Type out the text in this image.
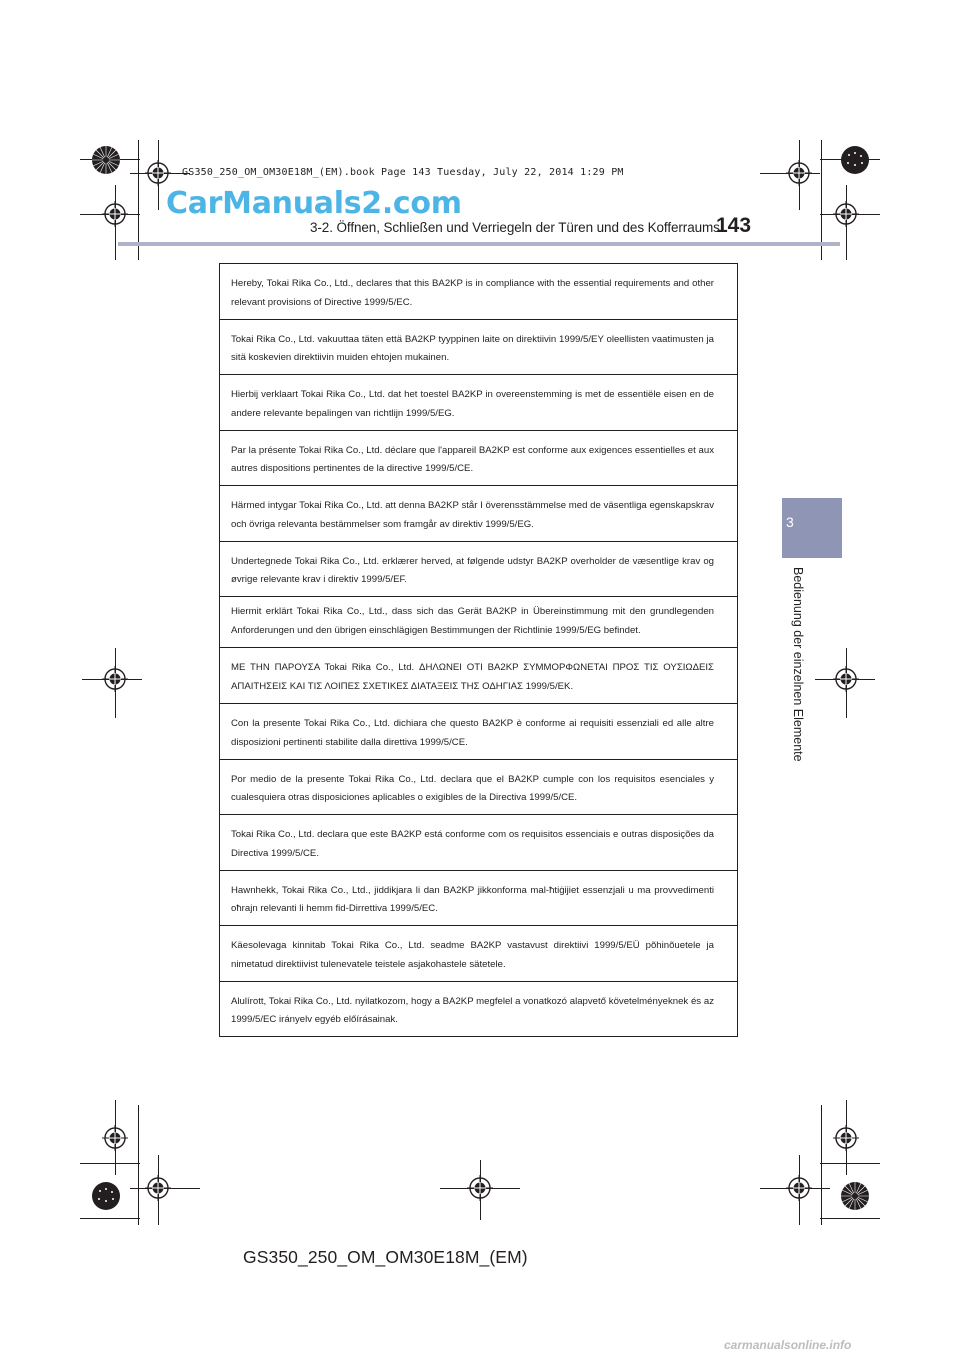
GS350_250_OM_OM30E18M_(EM).book Page 143 Tuesday, July 22, 2014 1:29 PM
CarManuals2.com
3-2. Öffnen, Schließen und Verriegeln der Türen und des Kofferraums
143
3
Bedienung der einzelnen Elemente
Hereby, Tokai Rika Co., Ltd., declares that this BA2KP is in compliance with the essential requirements and other relevant provisions of Directive 1999/5/EC.
Tokai Rika Co., Ltd. vakuuttaa täten että BA2KP tyyppinen laite on direktiivin 1999/5/EY oleellisten vaatimusten ja sitä koskevien direktiivin muiden ehtojen mukainen.
Hierbij verklaart Tokai Rika Co., Ltd. dat het toestel BA2KP in overeenstemming is met de essentiële eisen en de andere relevante bepalingen van richtlijn 1999/5/EG.
Par la présente Tokai Rika Co., Ltd. déclare que l'appareil BA2KP est conforme aux exigences essentielles et aux autres dispositions pertinentes de la directive 1999/5/CE.
Härmed intygar Tokai Rika Co., Ltd. att denna BA2KP står I överensstämmelse med de väsentliga egenskapskrav och övriga relevanta bestämmelser som framgår av direktiv 1999/5/EG.
Undertegnede Tokai Rika Co., Ltd. erklærer herved, at følgende udstyr BA2KP overholder de væsentlige krav og øvrige relevante krav i direktiv 1999/5/EF.
Hiermit erklärt Tokai Rika Co., Ltd., dass sich das Gerät BA2KP in Übereinstimmung mit den grundlegenden Anforderungen und den übrigen einschlägigen Bestimmungen der Richtlinie 1999/5/EG befindet.
ΜΕ ΤΗΝ ΠΑΡΟΥΣΑ Tokai Rika Co., Ltd. ΔΗΛΩΝΕΙ ΟΤΙ BA2KP ΣΥΜΜΟΡΦΩΝΕΤΑΙ ΠΡΟΣ ΤΙΣ ΟΥΣΙΩΔΕΙΣ ΑΠΑΙΤΗΣΕΙΣ ΚΑΙ ΤΙΣ ΛΟΙΠΕΣ ΣΧΕΤΙΚΕΣ ΔΙΑΤΑΞΕΙΣ ΤΗΣ ΟΔΗΓΙΑΣ 1999/5/ΕΚ.
Con la presente Tokai Rika Co., Ltd. dichiara che questo BA2KP è conforme ai requisiti essenziali ed alle altre disposizioni pertinenti stabilite dalla direttiva 1999/5/CE.
Por medio de la presente Tokai Rika Co., Ltd. declara que el BA2KP cumple con los requisitos esenciales y cualesquiera otras disposiciones aplicables o exigibles de la Directiva 1999/5/CE.
Tokai Rika Co., Ltd. declara que este BA2KP está conforme com os requisitos essenciais e outras disposições da Directiva 1999/5/CE.
Hawnhekk, Tokai Rika Co., Ltd., jiddikjara li dan BA2KP jikkonforma mal-ħtiġijiet essenzjali u ma provvedimenti oħrajn relevanti li hemm fid-Dirrettiva 1999/5/EC.
Käesolevaga kinnitab Tokai Rika Co., Ltd. seadme BA2KP vastavust direktiivi 1999/5/EÜ põhinõuetele ja nimetatud direktiivist tulenevatele teistele asjakohastele sätetele.
Alulírott, Tokai Rika Co., Ltd. nyilatkozom, hogy a BA2KP megfelel a vonatkozó alapvető követelményeknek és az 1999/5/EC irányelv egyéb előírásainak.
GS350_250_OM_OM30E18M_(EM)
carmanualsonline.info
